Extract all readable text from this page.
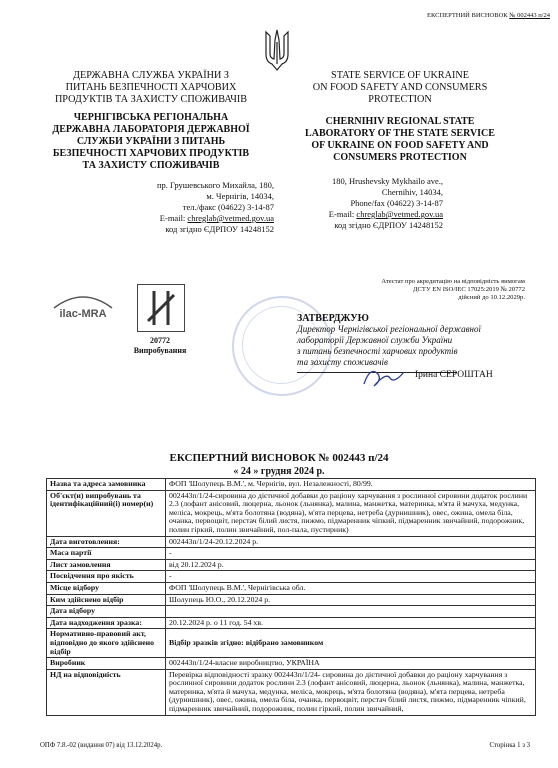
ЕКСПЕРТНИЙ ВИСНОВОК № 002443 п/24
ДЕРЖАВНА СЛУЖБА УКРАЇНИ З
ПИТАНЬ БЕЗПЕЧНОСТІ ХАРЧОВИХ
ПРОДУКТІВ ТА ЗАХИСТУ СПОЖИВАЧІВ
ЧЕРНІГІВСЬКА РЕГІОНАЛЬНА
ДЕРЖАВНА ЛАБОРАТОРІЯ ДЕРЖАВНОЇ
СЛУЖБИ УКРАЇНИ З ПИТАНЬ
БЕЗПЕЧНОСТІ ХАРЧОВИХ ПРОДУКТІВ
ТА ЗАХИСТУ СПОЖИВАЧІВ
пр. Грушевського Михайла, 180,
м. Чернігів, 14034,
тел./факс (04622) 3-14-87
E-mail: chreglab@vetmed.gov.ua
код згідно ЄДРПОУ 14248152
STATE SERVICE OF UKRAINE
ON FOOD SAFETY AND CONSUMERS
PROTECTION
CHERNIHIV REGIONAL STATE
LABORATORY OF THE STATE SERVICE
OF UKRAINE ON FOOD SAFETY AND
CONSUMERS PROTECTION
180, Hrushevsky Mykhailo ave.,
Chernihiv, 14034,
Phone/fax (04622) 3-14-87
E-mail: chreglab@vetmed.gov.ua
код згідно ЄДРПОУ 14248152
Атестат про акредитацію на відповідність вимогам
ДСТУ EN ISO/IEC 17025:2019 № 20772
дійсний до 10.12.2029р.
ilac-MRA
20772
Випробування
ЗАТВЕРДЖУЮ
Директор Чернігівської регіональної державної
лабораторії Державної служби України
з питань безпечності харчових продуктів
та захисту споживачів
Ірина СЕРОШТАН
ЕКСПЕРТНИЙ ВИСНОВОК № 002443 п/24
« 24 » грудня 2024 р.
Назва та адреса замовника	ФОП 'Шолупець В.М.', м. Чернігів, вул. Незалежності, 80/99.
Об'єкт(и) випробувань та ідентифікаційний(і) номер(и)	002443п/1/24-сировина до дієтичної добавки до раціону харчування з рослинної сировини додаток рослини 2.3 (лофант анісовий, люцерна, льонок (льнянка), малина, манжетка, материнка, м'ята й мачуха, медунка, меліса, мокрець, м'ята болотяна (водяна), м'ята перцева, нетреба (дурнишник), овес, ожина, омела біла, очанка, первоцвіт, перстач білий листя, пижмо, підмаренник чіпкий, підмаренник звичайний, подорожник, полин гіркий, полин звичайний, пол-пала, пустирник)
Дата виготовлення:	002443п/1/24-20.12.2024 р.
Маса партії	-
Лист замовлення	від 20.12.2024 р.
Посвідчення про якість	-
Місце відбору	ФОП 'Шолупець В.М.', Чернігівська обл.
Ким здійснено відбір	Шолупець Ю.О., 20.12.2024 р.
Дата відбору	
Дата надходження зразка:	20.12.2024 р. о 11 год. 54 хв.
Нормативно-правовий акт, відповідно до якого здійснено відбір	Відбір зразків згідно: відібрано замовником
Виробник	002443п/1/24-власне виробництво, УКРАЇНА
НД на відповідність	Перевірка відповідності зразку 002443п/1/24- сировина до дієтичної добавки до раціону харчування з рослинної сировини додаток рослини 2.3 (лофант анісовий, люцерна, льонок (льнянка), малина, манжетка, материнка, м'ята й мачуха, медунка, меліса, мокрець, м'ята болотяна (водяна), м'ята перцева, нетреба (дурнишник), овес, ожина, омела біла, очанка, первоцвіт, перстач білий листя, пижмо, підмаренник чіпкий, підмаренник звичайний, подорожник, полин гіркий, полин звичайний,
ОПФ 7.8.-02 (видання 07) від 13.12.2024р.	Сторінка 1 з 3
